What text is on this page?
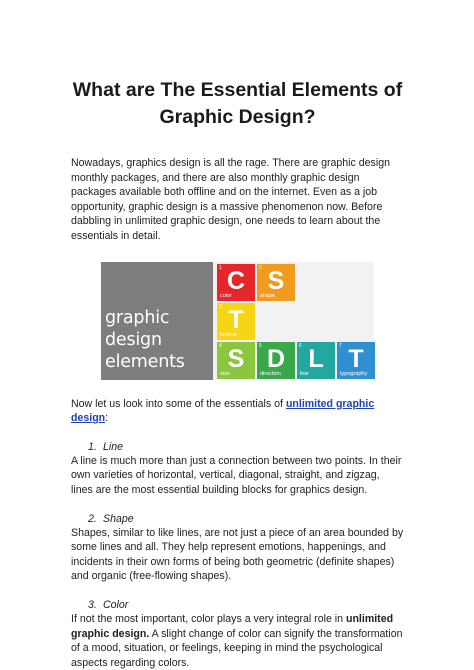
What are The Essential Elements of
Graphic Design?

Nowadays, graphics design is all the rage. There are graphic design monthly packages, and there are also monthly graphic design packages available both offline and on the internet. Even as a job opportunity, graphic design is a massive phenomenon now. Before dabbling in unlimited graphic design, one needs to learn about the essentials in detail.

graphic
design
elements
1 C
color
2 S
shape
3 T
texture
4 S
size
5 D
direction
6 L
line
7 T
typography

Now let us look into some of the essentials of unlimited graphic design:

1. Line

A line is much more than just a connection between two points. In their own varieties of horizontal, vertical, diagonal, straight, and zigzag, lines are the most essential building blocks for graphics design.

2. Shape

Shapes, similar to like lines, are not just a piece of an area bounded by some lines and all. They help represent emotions, happenings, and incidents in their own forms of being both geometric (definite shapes) and organic (free-flowing shapes).

3. Color

If not the most important, color plays a very integral role in unlimited graphic design. A slight change of color can signify the transformation of a mood, situation, or feelings, keeping in mind the psychological aspects regarding colors.
